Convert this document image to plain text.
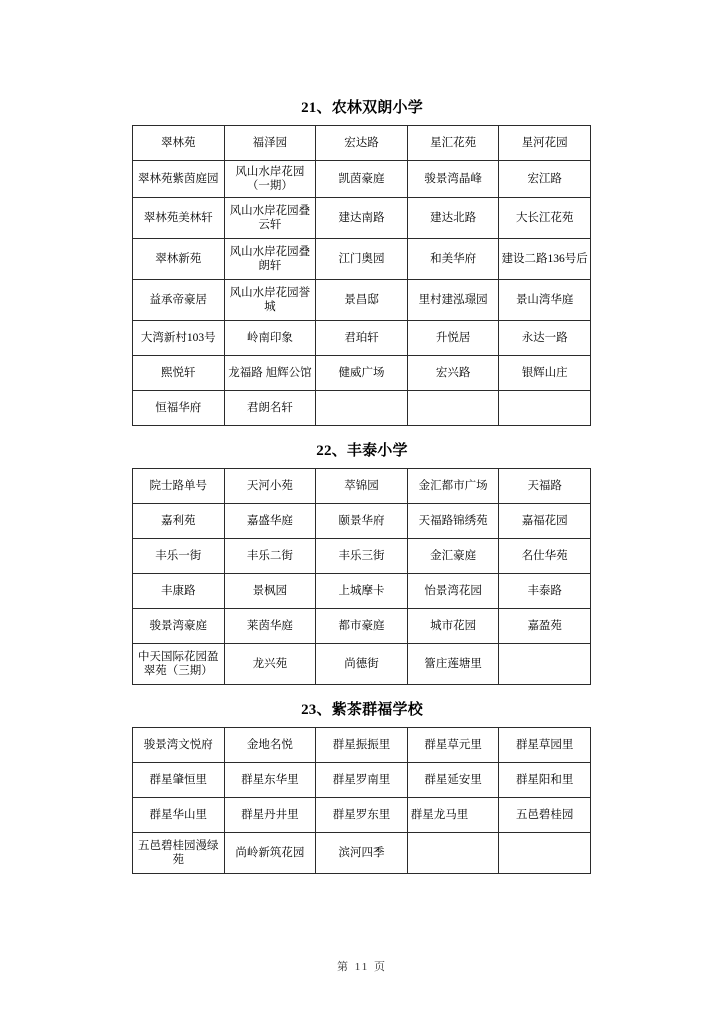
21、农林双朗小学
翠林苑	福泽园	宏达路	星汇花苑	星河花园
翠林苑紫茵庭园	风山水岸花园 （一期）	凯茵豪庭	骏景湾晶峰	宏江路
翠林苑美林轩	风山水岸花园叠云轩	建达南路	建达北路	大长江花苑
翠林新苑	风山水岸花园叠朗轩	江门奥园	和美华府	建设二路136号后
益承帝豪居	风山水岸花园誉城	景昌邸	里村建泓璟园	景山湾华庭
大湾新村103号	岭南印象	君珀轩	升悦居	永达一路
熙悦轩	龙福路 旭辉公馆	健威广场	宏兴路	银辉山庄
恒福华府	君朗名轩			
22、丰泰小学
院士路单号	天河小苑	萃锦园	金汇都市广场	天福路
嘉利苑	嘉盛华庭	颐景华府	天福路锦绣苑	嘉福花园
丰乐一街	丰乐二街	丰乐三街	金汇豪庭	名仕华苑
丰康路	景枫园	上城摩卡	怡景湾花园	丰泰路
骏景湾豪庭	莱茵华庭	都市豪庭	城市花园	嘉盈苑
中天国际花园盈翠苑（三期）	龙兴苑	尚德街	簹庄莲塘里	
23、紫茶群福学校
骏景湾文悦府	金地名悦	群星振振里	群星草元里	群星草园里
群星肇恒里	群星东华里	群星罗南里	群星延安里	群星阳和里
群星华山里	群星丹井里	群星罗东里	群星龙马里	五邑碧桂园
五邑碧桂园漫绿苑	尚岭新筑花园	滨河四季		
第 11 页
